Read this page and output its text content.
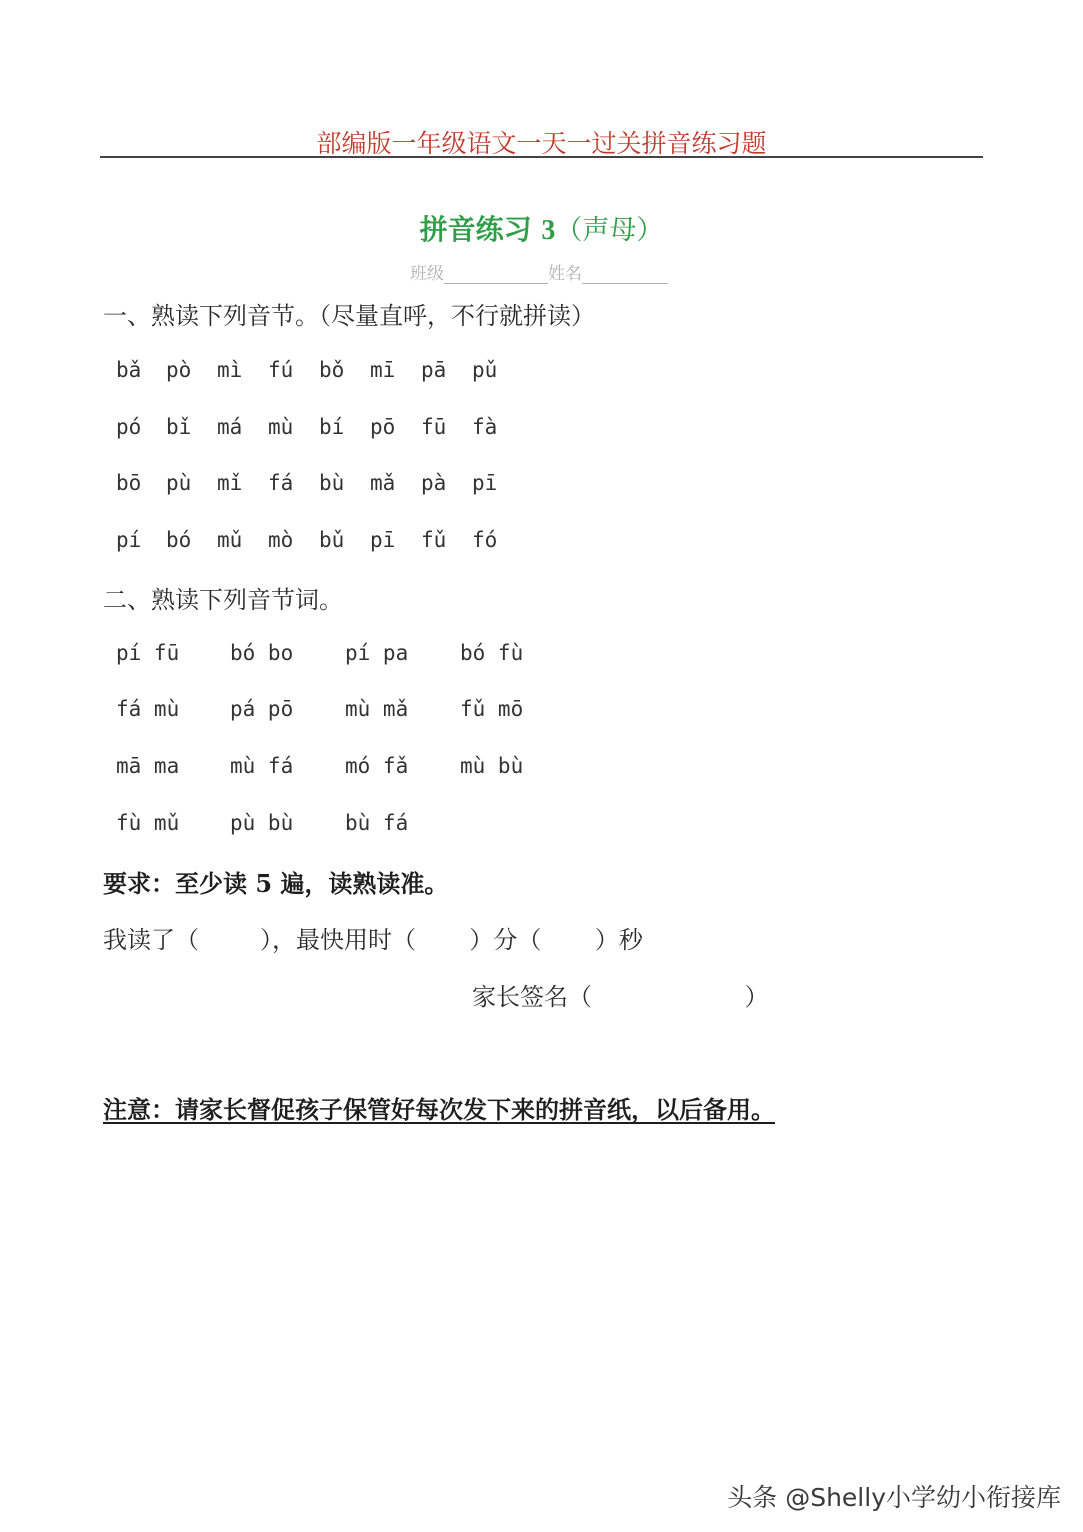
部编版一年级语文一天一过关拼音练习题
拼音练习 3（声母）
班级	姓名
一、熟读下列音节。（尽量直呼，不行就拼读）
bǎ pò mì fú bǒ mī pā pǔ
pó bǐ má mù bí pō fū fà
bō pù mǐ fá bù mǎ pà pī
pí bó mǔ mò bǔ pī fǔ fó
二、熟读下列音节词。
pí fū bó bo pí pa bó fù
fá mù pá pō mù mǎ fǔ mō
mā ma mù fá mó fǎ mù bù
fù mǔ pù bù bù fá
要求：至少读 5 遍，读熟读准。
我读了（        ），最快用时（       ）分（       ）秒
家长签名（                    ）
注意：请家长督促孩子保管好每次发下来的拼音纸，以后备用。
头条 @Shelly小学幼小衔接库
